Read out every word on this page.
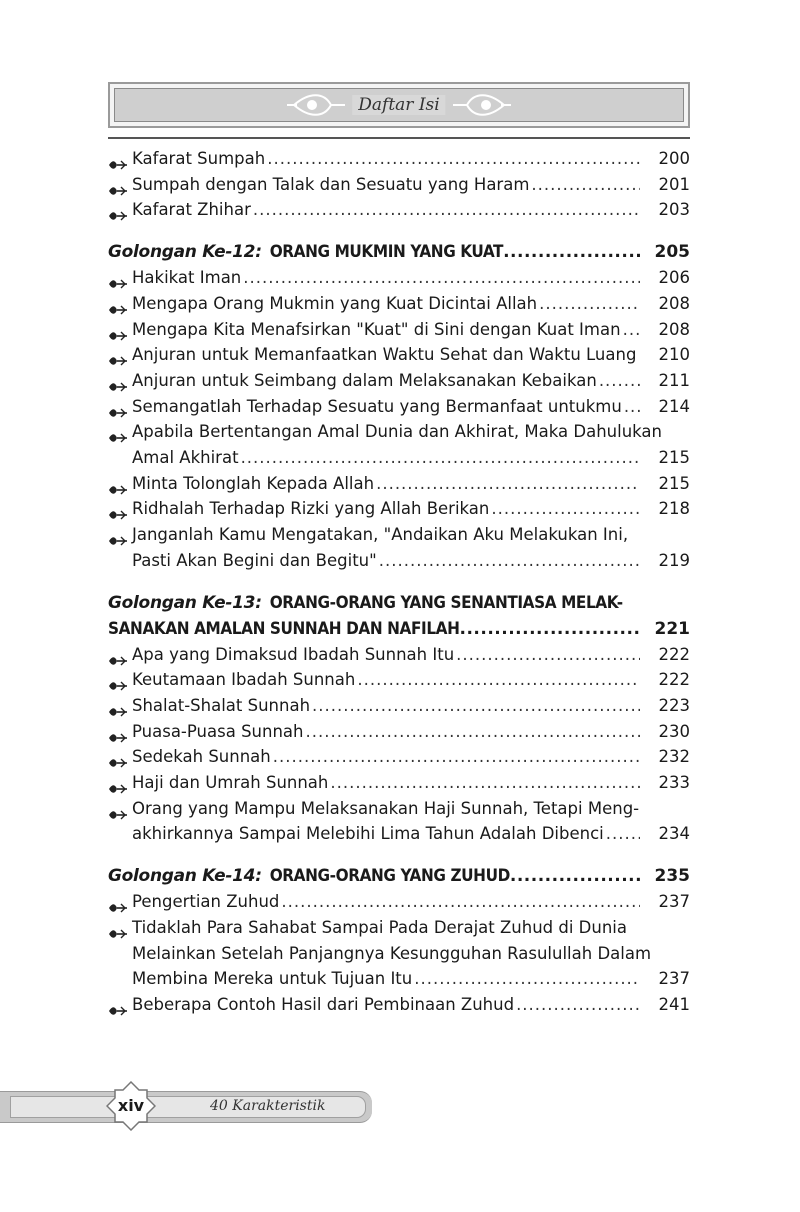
Daftar Isi
Kafarat Sumpah .....	200
Sumpah dengan Talak dan Sesuatu yang Haram .....	201
Kafarat Zhihar .....	203
Golongan Ke-12: ORANG MUKMIN YANG KUAT .....	205
Hakikat Iman .....	206
Mengapa Orang Mukmin yang Kuat Dicintai Allah .....	208
Mengapa Kita Menafsirkan "Kuat" di Sini dengan Kuat Iman .....	208
Anjuran untuk Memanfaatkan Waktu Sehat dan Waktu Luang .....	210
Anjuran untuk Seimbang dalam Melaksanakan Kebaikan .....	211
Semangatlah Terhadap Sesuatu yang Bermanfaat untukmu .....	214
Apabila Bertentangan Amal Dunia dan Akhirat, Maka Dahulukan
Amal Akhirat .....	215
Minta Tolonglah Kepada Allah .....	215
Ridhalah Terhadap Rizki yang Allah Berikan .....	218
Janganlah Kamu Mengatakan, "Andaikan Aku Melakukan Ini,
Pasti Akan Begini dan Begitu" .....	219
Golongan Ke-13: ORANG-ORANG YANG SENANTIASA MELAK-
SANAKAN AMALAN SUNNAH DAN NAFILAH .....	221
Apa yang Dimaksud Ibadah Sunnah Itu .....	222
Keutamaan Ibadah Sunnah .....	222
Shalat-Shalat Sunnah .....	223
Puasa-Puasa Sunnah .....	230
Sedekah Sunnah .....	232
Haji dan Umrah Sunnah .....	233
Orang yang Mampu Melaksanakan Haji Sunnah, Tetapi Meng-
akhirkannya Sampai Melebihi Lima Tahun Adalah Dibenci .....	234
Golongan Ke-14: ORANG-ORANG YANG ZUHUD .....	235
Pengertian Zuhud .....	237
Tidaklah Para Sahabat Sampai Pada Derajat Zuhud di Dunia
Melainkan Setelah Panjangnya Kesungguhan Rasulullah Dalam
Membina Mereka untuk Tujuan Itu .....	237
Beberapa Contoh Hasil dari Pembinaan Zuhud .....	241
xiv	40 Karakteristik
